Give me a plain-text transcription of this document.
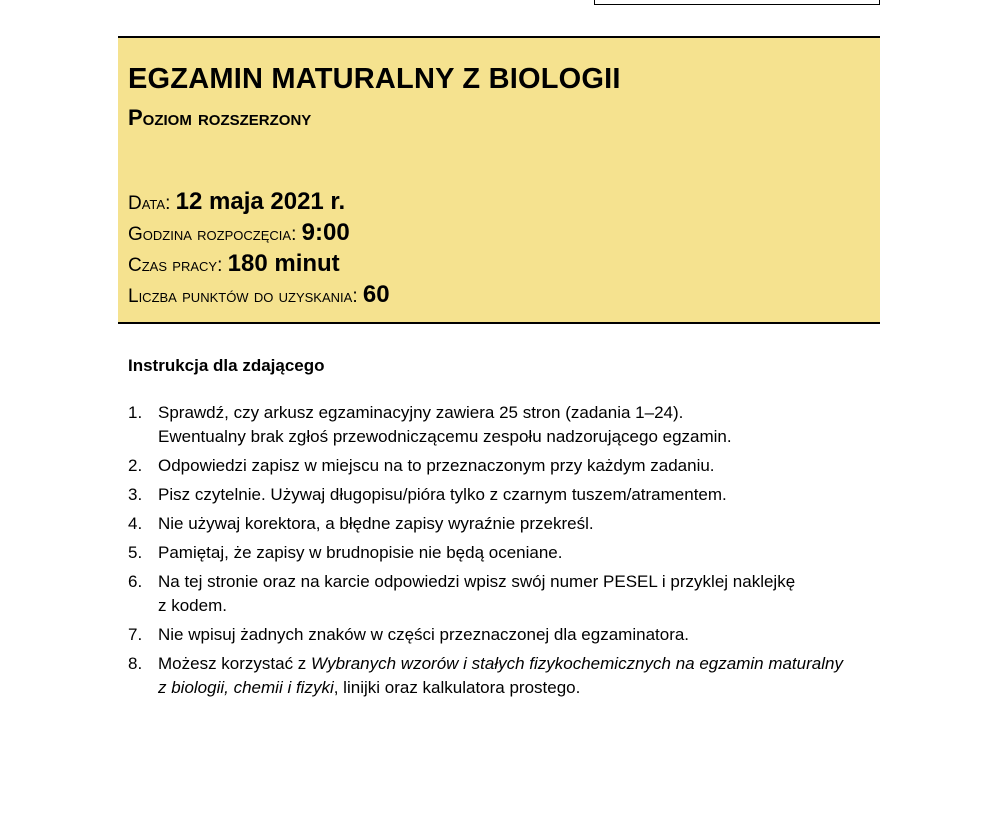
EGZAMIN MATURALNY Z BIOLOGII
Poziom rozszerzony
Data: 12 maja 2021 r.
Godzina rozpoczęcia: 9:00
Czas pracy: 180 minut
Liczba punktów do uzyskania: 60
Instrukcja dla zdającego
1. Sprawdź, czy arkusz egzaminacyjny zawiera 25 stron (zadania 1–24).
Ewentualny brak zgłoś przewodniczącemu zespołu nadzorującego egzamin.
2. Odpowiedzi zapisz w miejscu na to przeznaczonym przy każdym zadaniu.
3. Pisz czytelnie. Używaj długopisu/pióra tylko z czarnym tuszem/atramentem.
4. Nie używaj korektora, a błędne zapisy wyraźnie przekreśl.
5. Pamiętaj, że zapisy w brudnopisie nie będą oceniane.
6. Na tej stronie oraz na karcie odpowiedzi wpisz swój numer PESEL i przyklej naklejkę
z kodem.
7. Nie wpisuj żadnych znaków w części przeznaczonej dla egzaminatora.
8. Możesz korzystać z Wybranych wzorów i stałych fizykochemicznych na egzamin maturalny z biologii, chemii i fizyki, linijki oraz kalkulatora prostego.
